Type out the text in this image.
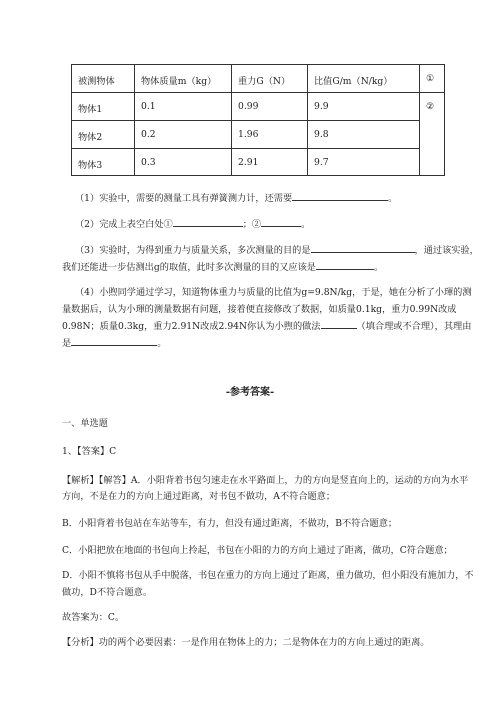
被测物体	物体质量m（kg） 重力G（N）	比值G/m（N/kg）	①
物体1	0.1	0.99	9.9	②
物体2	0.2	1.96	9.8
物体3	0.3	2.91	9.7
（1）实验中，需要的测量工具有弹簧测力计，还需要	。
（2）完成上表空白处①	；②	。
（3）实验时，为得到重力与质量关系，多次测量的目的是	，通过该实验，
我们还能进一步估测出g的取值，此时多次测量的目的又应该是	。
（4）小煦同学通过学习，知道物体重力与质量的比值为g=9.8N/kg，于是，她在分析了小琿的测
量数据后，认为小琿的测量数据有问题，接着便直接修改了数据，如质量0.1kg，重力0.99N改成
0.98N；质量0.3kg，重力2.91N改成2.94N你认为小煦的做法	（填合理或不合理），其理由
是	。
-参考答案-
一、单选题
1、【答案】C
【解析】【解答】A．小阳背着书包匀速走在水平路面上，力的方向是竖直向上的，运动的方向为水平
方向，不是在力的方向上通过距离，对书包不做功，A不符合题意；
B．小阳背着书包站在车站等车，有力，但没有通过距离，不做功，B不符合题意；
C．小阳把放在地面的书包向上拎起，书包在小阳的力的方向上通过了距离，做功，C符合题意；
D．小阳不慎将书包从手中脱落，书包在重力的方向上通过了距离，重力做功，但小阳没有施加力，不
做功，D不符合题意。
故答案为：C。
【分析】功的两个必要因素：一是作用在物体上的力；二是物体在力的方向上通过的距离。
